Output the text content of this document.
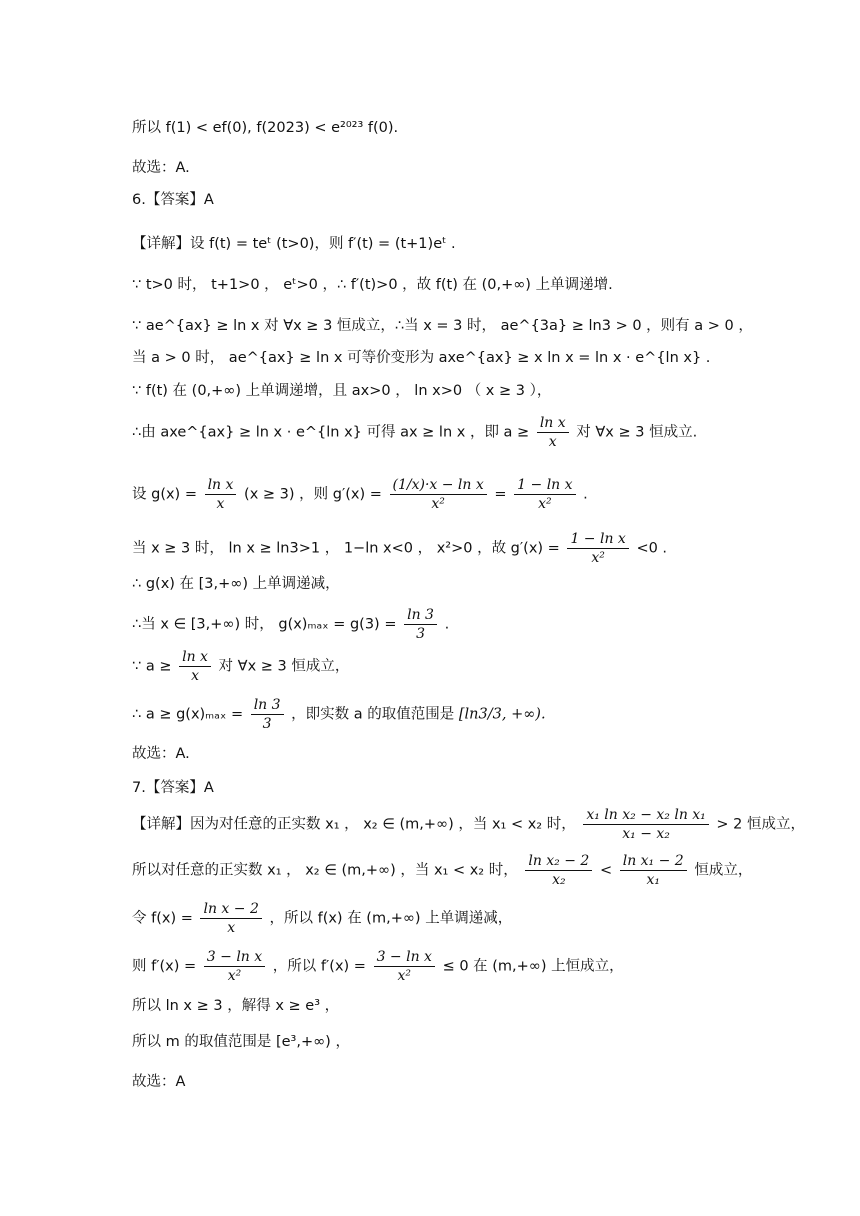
所以 f(1) < ef(0), f(2023) < e²⁰²³ f(0).
故选：A.
6.【答案】A
【详解】设 f(t) = teᵗ (t>0)，则 f′(t) = (t+1)eᵗ .
∵ t>0 时， t+1>0 ， eᵗ>0 ，∴ f′(t)>0 ，故 f(t) 在 (0,+∞) 上单调递增.
∵ ae^{ax} ≥ ln x 对 ∀x ≥ 3 恒成立，∴当 x = 3 时， ae^{3a} ≥ ln3 > 0 ，则有 a > 0 ，
当 a > 0 时， ae^{ax} ≥ ln x 可等价变形为 axe^{ax} ≥ x ln x = ln x · e^{ln x} .
∵ f(t) 在 (0,+∞) 上单调递增，且 ax>0 ， ln x>0 （ x ≥ 3 ），
∴由 axe^{ax} ≥ ln x · e^{ln x} 可得 ax ≥ ln x ，即 $a \ge \frac{\text{ln x}}{x}$ 对 ∀x ≥ 3 恒成立.
设 $g(x) = \frac{\text{ln x}}{x} (x \ge 3)$ ，则 $g'(x) = \frac{\text{(1/x)·x − ln x}}{\text{x²}} = \frac{\text{1 − ln x}}{\text{x²}}$ .
当 x ≥ 3 时， ln x ≥ ln3>1 ， 1−ln x<0 ， x²>0 ，故 $g'(x) = \frac{\text{1 − ln x}}{\text{x²}} <0$ .
∴ g(x) 在 [3,+∞) 上单调递减，
∴当 x ∈ [3,+∞) 时， $g(x)_{max} = g(3) = \frac{\ln 3}{3}$ .
∵ $a \ge \frac{\text{ln x}}{x}$ 对 ∀x ≥ 3 恒成立，
∴ $a \ge g(x)_{max} = \frac{\ln 3}{3}$ ，即实数 a 的取值范围是 [ln3/3, +∞).
故选：A.
7.【答案】A
【详解】因为对任意的正实数 x₁ ， x₂ ∈ (m,+∞) ，当 x₁ < x₂ 时， $\frac{\text{x₁ ln x₂ − x₂ ln x₁}}{\text{x₁ − x₂}} > 2$ 恒成立，
所以对任意的正实数 x₁ ， x₂ ∈ (m,+∞) ，当 x₁ < x₂ 时， $\frac{\text{ln x₂ − 2}}{\text{x₂}} < \frac{\text{ln x₁ − 2}}{\text{x₁}}$ 恒成立，
令 $f(x) = \frac{\text{ln x − 2}}{x}$ ，所以 f(x) 在 (m,+∞) 上单调递减，
则 $f'(x) = \frac{\text{3 − ln x}}{\text{x²}}$ ，所以 $f'(x) = \frac{\text{3 − ln x}}{\text{x²}} \le 0$ 在 (m,+∞) 上恒成立，
所以 ln x ≥ 3 ，解得 x ≥ e³ ，
所以 m 的取值范围是 [e³,+∞) ，
故选：A
